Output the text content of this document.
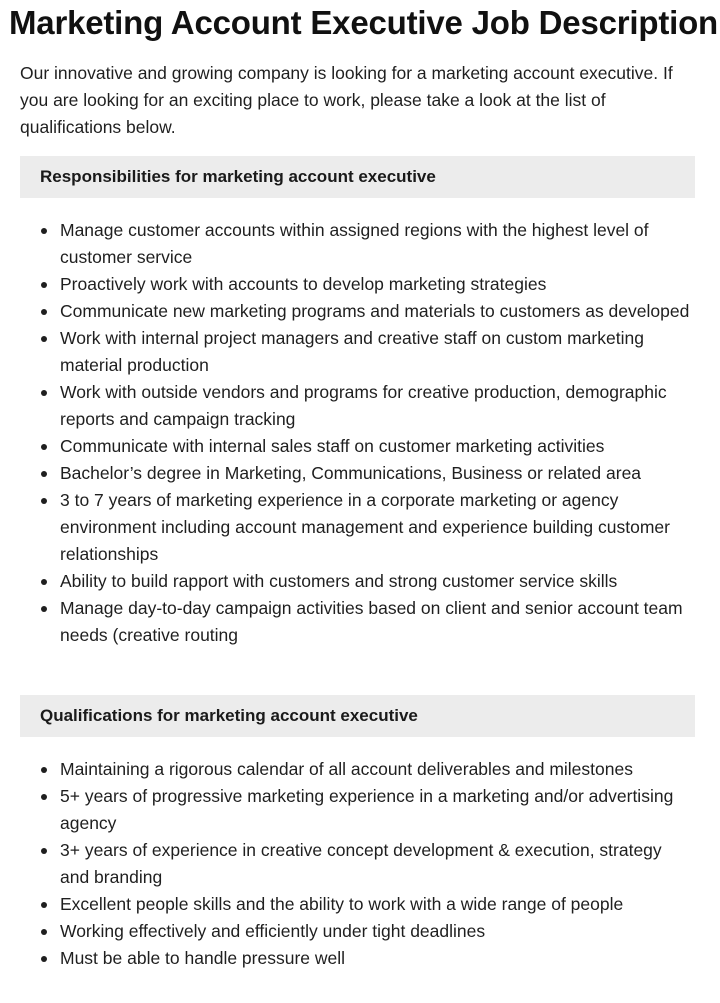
Marketing Account Executive Job Description

Our innovative and growing company is looking for a marketing account executive. If you are looking for an exciting place to work, please take a look at the list of qualifications below.

Responsibilities for marketing account executive
Manage customer accounts within assigned regions with the highest level of customer service
Proactively work with accounts to develop marketing strategies
Communicate new marketing programs and materials to customers as developed
Work with internal project managers and creative staff on custom marketing material production
Work with outside vendors and programs for creative production, demographic reports and campaign tracking
Communicate with internal sales staff on customer marketing activities
Bachelor’s degree in Marketing, Communications, Business or related area
3 to 7 years of marketing experience in a corporate marketing or agency environment including account management and experience building customer relationships
Ability to build rapport with customers and strong customer service skills
Manage day-to-day campaign activities based on client and senior account team needs (creative routing
Qualifications for marketing account executive
Maintaining a rigorous calendar of all account deliverables and milestones
5+ years of progressive marketing experience in a marketing and/or advertising agency
3+ years of experience in creative concept development & execution, strategy and branding
Excellent people skills and the ability to work with a wide range of people
Working effectively and efficiently under tight deadlines
Must be able to handle pressure well
